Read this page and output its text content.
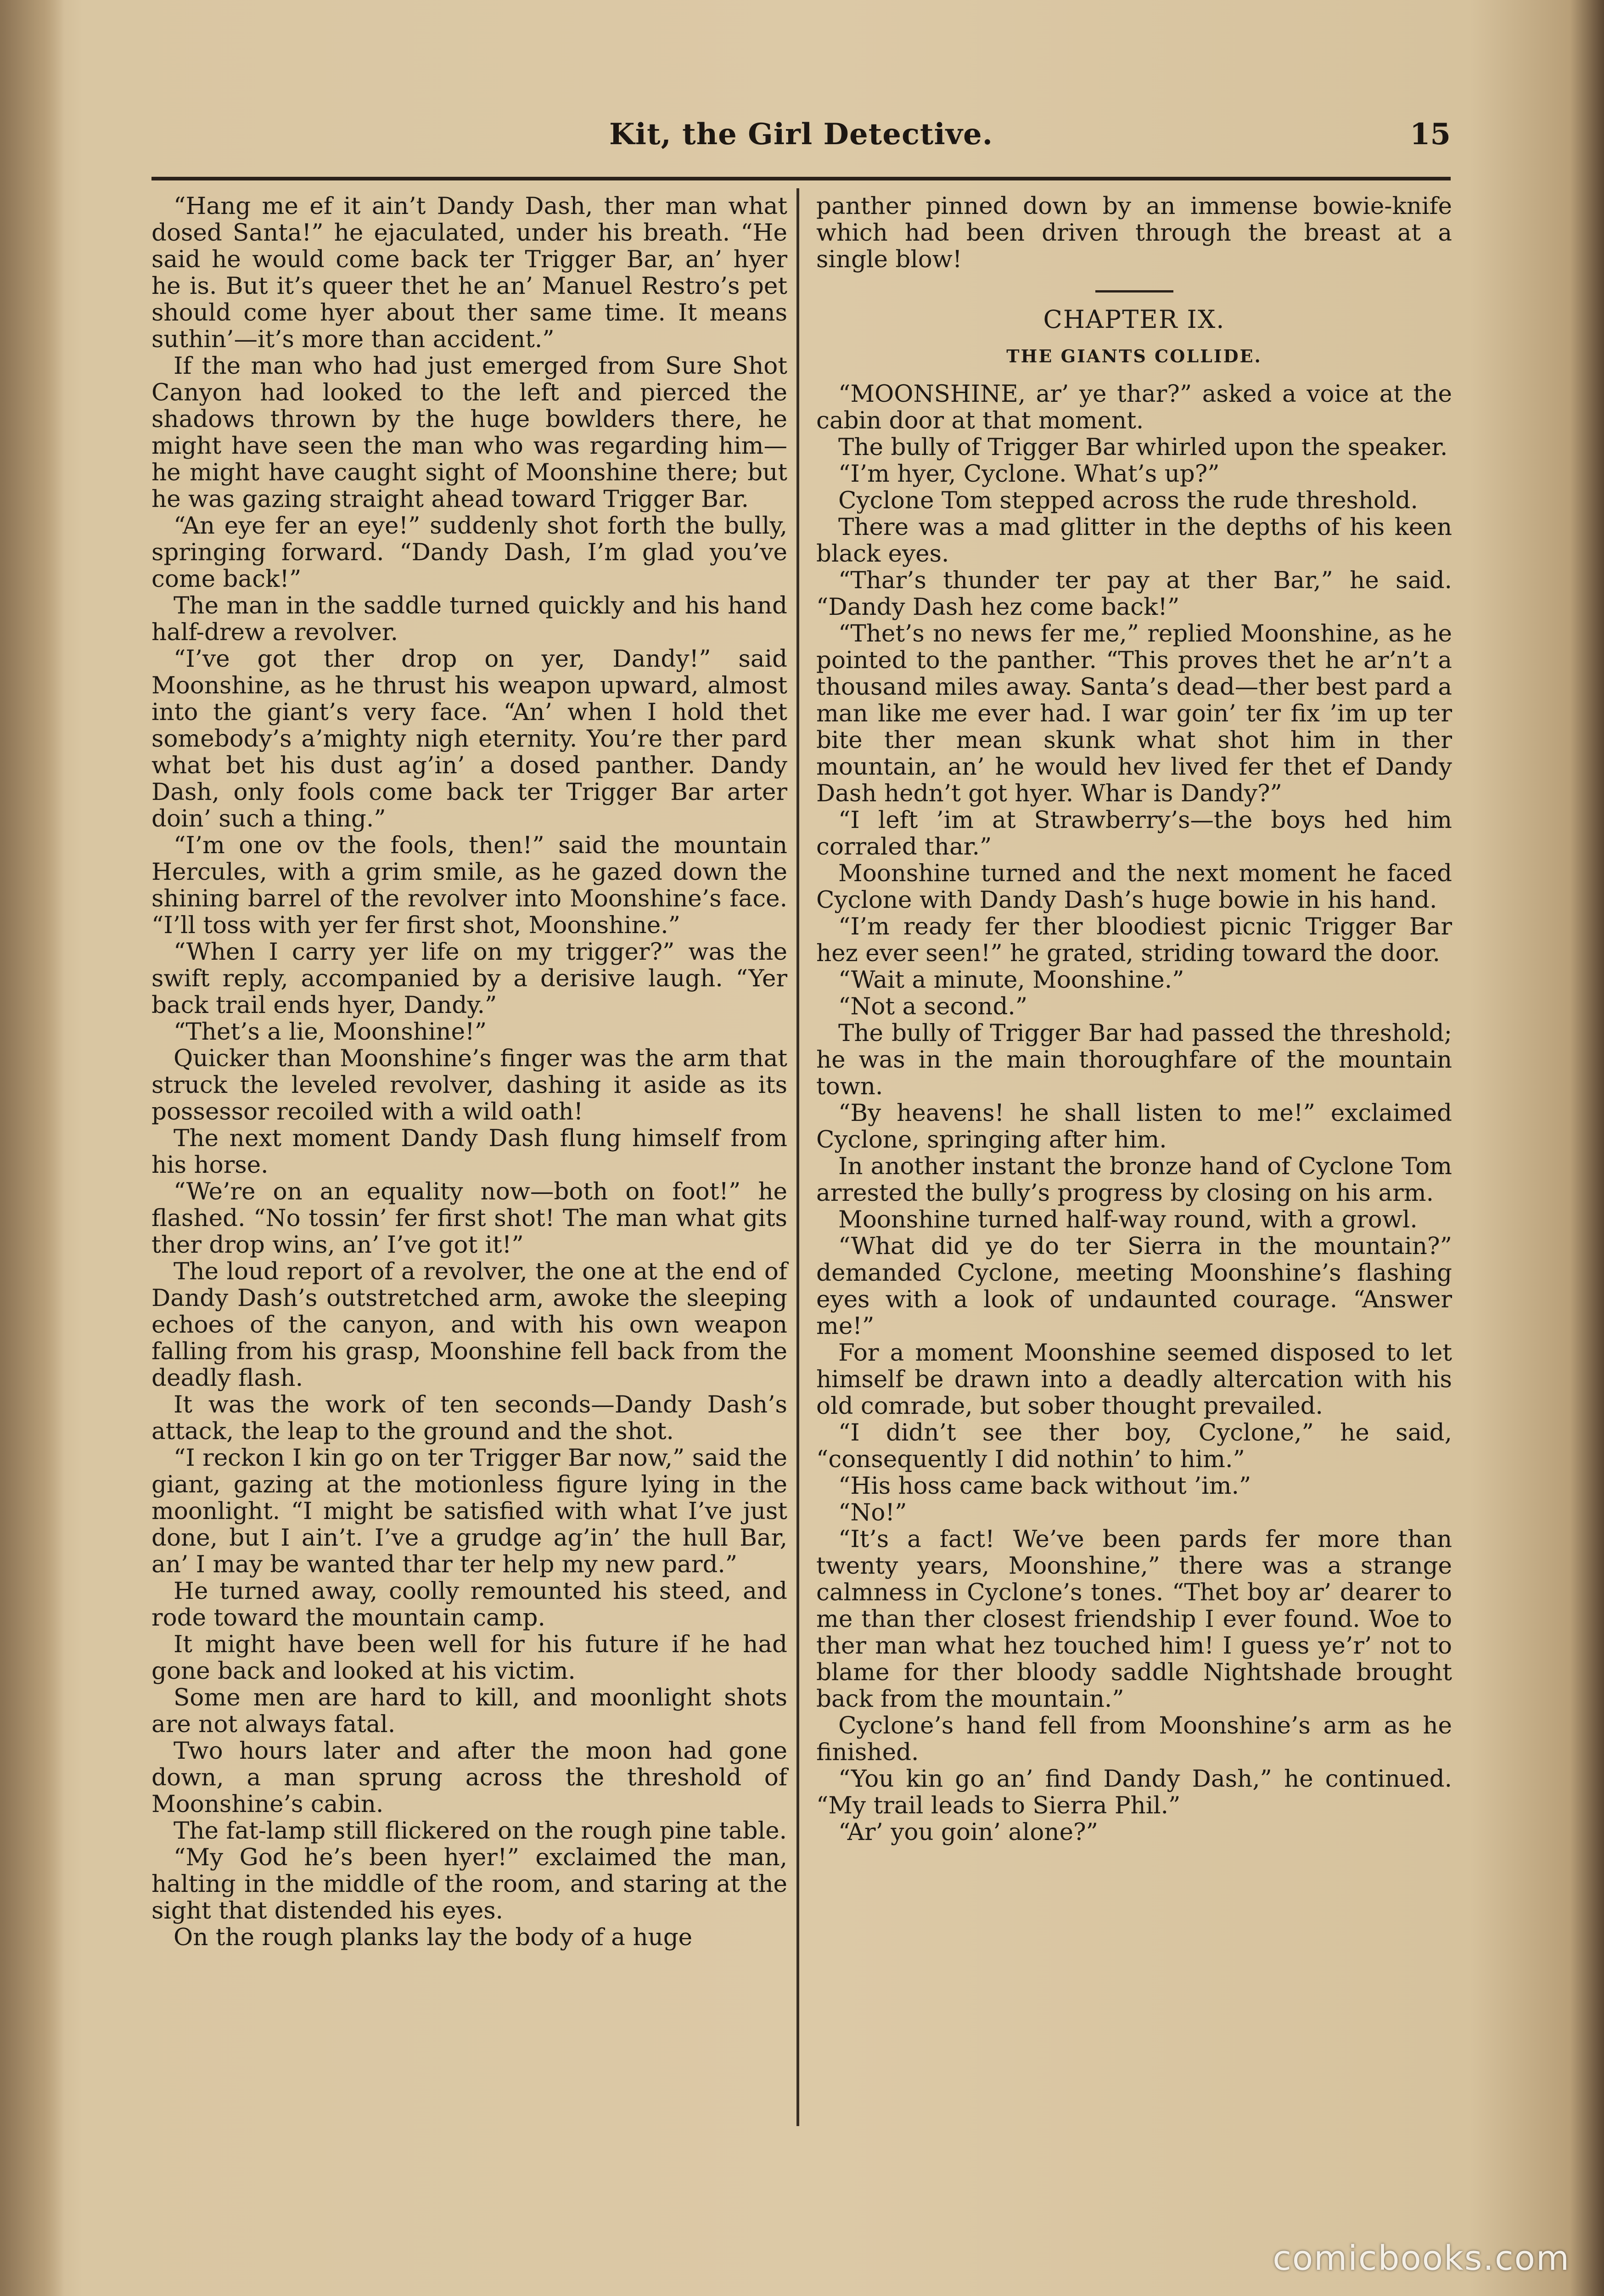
Kit, the Girl Detective.	15

“Hang me ef it ain’t Dandy Dash, ther man what dosed Santa!” he ejaculated, under his breath. “He said he would come back ter Trigger Bar, an’ hyer he is. But it’s queer thet he an’ Manuel Restro’s pet should come hyer about ther same time. It means suthin’—it’s more than accident.”

If the man who had just emerged from Sure Shot Canyon had looked to the left and pierced the shadows thrown by the huge bowlders there, he might have seen the man who was regarding him—he might have caught sight of Moonshine there; but he was gazing straight ahead toward Trigger Bar.

“An eye fer an eye!” suddenly shot forth the bully, springing forward. “Dandy Dash, I’m glad you’ve come back!”

The man in the saddle turned quickly and his hand half-drew a revolver.

“I’ve got ther drop on yer, Dandy!” said Moonshine, as he thrust his weapon upward, almost into the giant’s very face. “An’ when I hold thet somebody’s a’mighty nigh eternity. You’re ther pard what bet his dust ag’in’ a dosed panther. Dandy Dash, only fools come back ter Trigger Bar arter doin’ such a thing.”

“I’m one ov the fools, then!” said the mountain Hercules, with a grim smile, as he gazed down the shining barrel of the revolver into Moonshine’s face. “I’ll toss with yer fer first shot, Moonshine.”

“When I carry yer life on my trigger?” was the swift reply, accompanied by a derisive laugh. “Yer back trail ends hyer, Dandy.”

“Thet’s a lie, Moonshine!”

Quicker than Moonshine’s finger was the arm that struck the leveled revolver, dashing it aside as its possessor recoiled with a wild oath!

The next moment Dandy Dash flung himself from his horse.

“We’re on an equality now—both on foot!” he flashed. “No tossin’ fer first shot! The man what gits ther drop wins, an’ I’ve got it!”

The loud report of a revolver, the one at the end of Dandy Dash’s outstretched arm, awoke the sleeping echoes of the canyon, and with his own weapon falling from his grasp, Moonshine fell back from the deadly flash.

It was the work of ten seconds—Dandy Dash’s attack, the leap to the ground and the shot.

“I reckon I kin go on ter Trigger Bar now,” said the giant, gazing at the motionless figure lying in the moonlight. “I might be satisfied with what I’ve just done, but I ain’t. I’ve a grudge ag’in’ the hull Bar, an’ I may be wanted thar ter help my new pard.”

He turned away, coolly remounted his steed, and rode toward the mountain camp.

It might have been well for his future if he had gone back and looked at his victim.

Some men are hard to kill, and moonlight shots are not always fatal.

Two hours later and after the moon had gone down, a man sprung across the threshold of Moonshine’s cabin.

The fat-lamp still flickered on the rough pine table.

“My God he’s been hyer!” exclaimed the man, halting in the middle of the room, and staring at the sight that distended his eyes.

On the rough planks lay the body of a huge

panther pinned down by an immense bowie-knife which had been driven through the breast at a single blow!

CHAPTER IX.
THE GIANTS COLLIDE.

“MOONSHINE, ar’ ye thar?” asked a voice at the cabin door at that moment.

The bully of Trigger Bar whirled upon the speaker.

“I’m hyer, Cyclone. What’s up?”

Cyclone Tom stepped across the rude threshold.

There was a mad glitter in the depths of his keen black eyes.

“Thar’s thunder ter pay at ther Bar,” he said. “Dandy Dash hez come back!”

“Thet’s no news fer me,” replied Moonshine, as he pointed to the panther. “This proves thet he ar’n’t a thousand miles away. Santa’s dead—ther best pard a man like me ever had. I war goin’ ter fix ’im up ter bite ther mean skunk what shot him in ther mountain, an’ he would hev lived fer thet ef Dandy Dash hedn’t got hyer. Whar is Dandy?”

“I left ’im at Strawberry’s—the boys hed him corraled thar.”

Moonshine turned and the next moment he faced Cyclone with Dandy Dash’s huge bowie in his hand.

“I’m ready fer ther bloodiest picnic Trigger Bar hez ever seen!” he grated, striding toward the door.

“Wait a minute, Moonshine.”

“Not a second.”

The bully of Trigger Bar had passed the threshold; he was in the main thoroughfare of the mountain town.

“By heavens! he shall listen to me!” exclaimed Cyclone, springing after him.

In another instant the bronze hand of Cyclone Tom arrested the bully’s progress by closing on his arm.

Moonshine turned half-way round, with a growl.

“What did ye do ter Sierra in the mountain?” demanded Cyclone, meeting Moonshine’s flashing eyes with a look of undaunted courage. “Answer me!”

For a moment Moonshine seemed disposed to let himself be drawn into a deadly altercation with his old comrade, but sober thought prevailed.

“I didn’t see ther boy, Cyclone,” he said, “consequently I did nothin’ to him.”

“His hoss came back without ’im.”

“No!”

“It’s a fact! We’ve been pards fer more than twenty years, Moonshine,” there was a strange calmness in Cyclone’s tones. “Thet boy ar’ dearer to me than ther closest friendship I ever found. Woe to ther man what hez touched him! I guess ye’r’ not to blame for ther bloody saddle Nightshade brought back from the mountain.”

Cyclone’s hand fell from Moonshine’s arm as he finished.

“You kin go an’ find Dandy Dash,” he continued. “My trail leads to Sierra Phil.”

“Ar’ you goin’ alone?”

comicbooks.com
